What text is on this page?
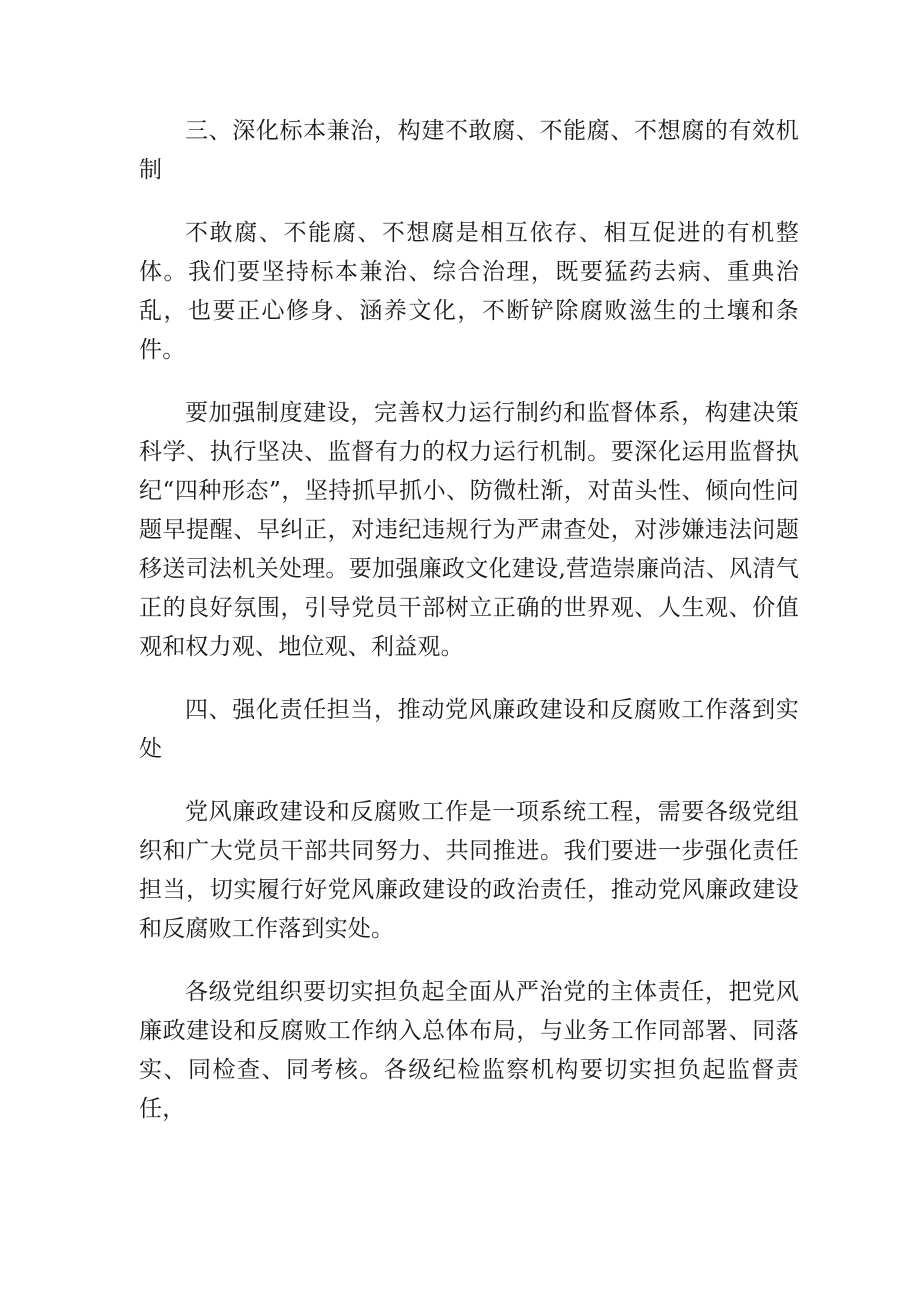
三、深化标本兼治，构建不敢腐、不能腐、不想腐的有效机制

不敢腐、不能腐、不想腐是相互依存、相互促进的有机整体。我们要坚持标本兼治、综合治理，既要猛药去病、重典治乱，也要正心修身、涵养文化，不断铲除腐败滋生的土壤和条件。

要加强制度建设，完善权力运行制约和监督体系，构建决策科学、执行坚决、监督有力的权力运行机制。要深化运用监督执纪“四种形态”，坚持抓早抓小、防微杜渐，对苗头性、倾向性问题早提醒、早纠正，对违纪违规行为严肃查处，对涉嫌违法问题移送司法机关处理。要加强廉政文化建设,营造崇廉尚洁、风清气正的良好氛围，引导党员干部树立正确的世界观、人生观、价值观和权力观、地位观、利益观。

四、强化责任担当，推动党风廉政建设和反腐败工作落到实处

党风廉政建设和反腐败工作是一项系统工程，需要各级党组织和广大党员干部共同努力、共同推进。我们要进一步强化责任担当，切实履行好党风廉政建设的政治责任，推动党风廉政建设和反腐败工作落到实处。

各级党组织要切实担负起全面从严治党的主体责任，把党风廉政建设和反腐败工作纳入总体布局，与业务工作同部署、同落实、同检查、同考核。各级纪检监察机构要切实担负起监督责任，
